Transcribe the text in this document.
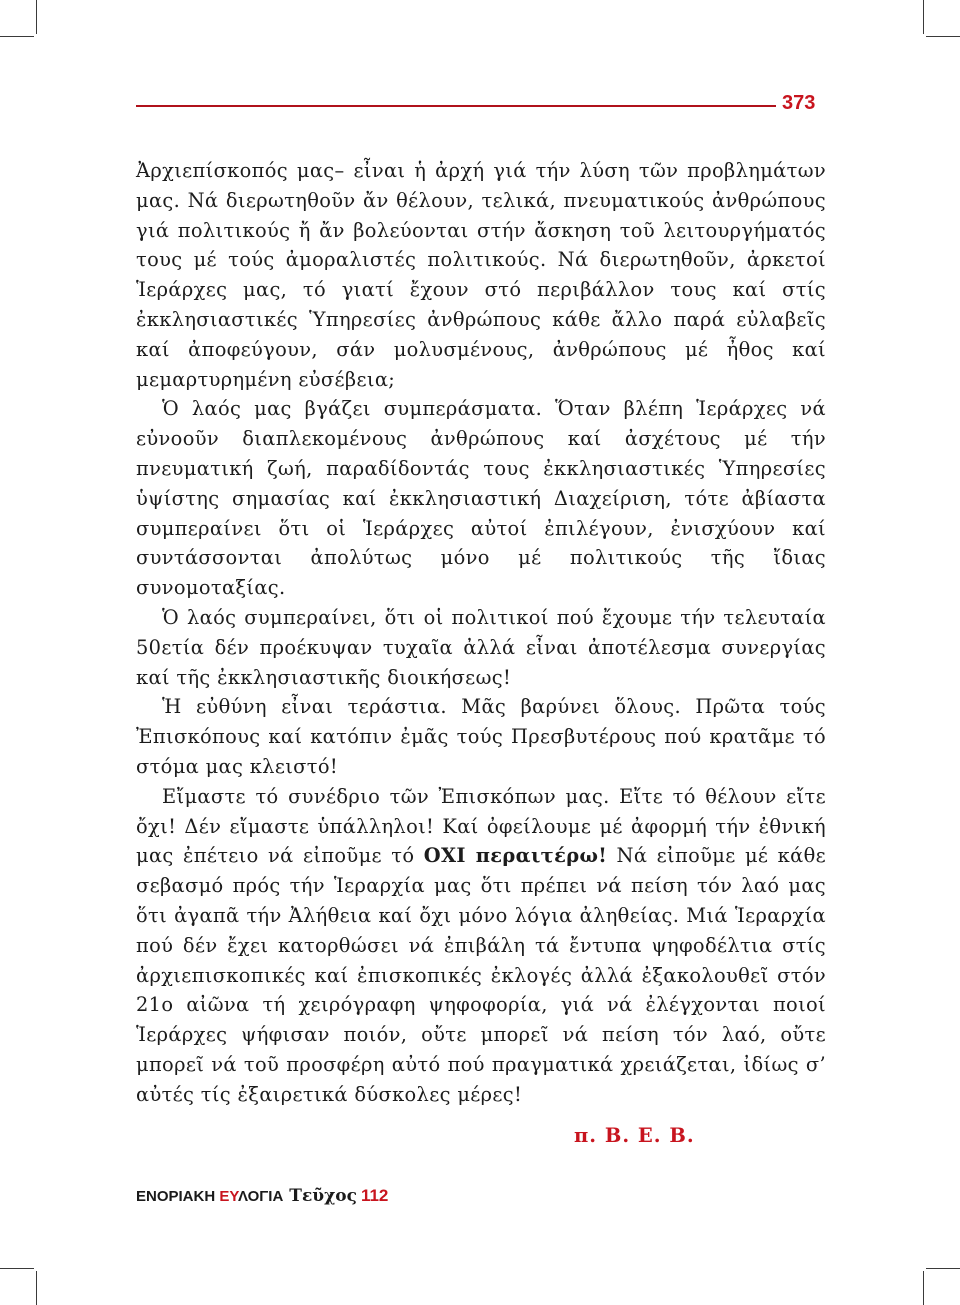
373

Ἀρχιεπίσκοπός μας– εἶναι ἡ ἀρχή γιά τήν λύση τῶν προβλημάτων μας. Νά διερωτηθοῦν ἄν θέλουν, τελικά, πνευματικούς ἀνθρώπους γιά πολιτικούς ἤ ἄν βολεύονται στήν ἄσκηση τοῦ λειτουργήματός τους μέ τούς ἀμοραλιστές πολιτικούς. Νά διερωτηθοῦν, ἀρκετοί Ἱεράρχες μας, τό γιατί ἔχουν στό περιβάλλον τους καί στίς ἐκκλησιαστικές Ὑπηρεσίες ἀνθρώπους κάθε ἄλλο παρά εὐλαβεῖς καί ἀποφεύγουν, σάν μολυσμένους, ἀνθρώπους μέ ἦθος καί μεμαρτυρημένη εὐσέβεια;

Ὁ λαός μας βγάζει συμπεράσματα. Ὅταν βλέπη Ἱεράρχες νά εὐνοοῦν διαπλεκομένους ἀνθρώπους καί ἀσχέτους μέ τήν πνευματική ζωή, παραδίδοντάς τους ἐκκλησιαστικές Ὑπηρεσίες ὑψίστης σημασίας καί ἐκκλησιαστική Διαχείριση, τότε ἀβίαστα συμπεραίνει ὅτι οἱ Ἱεράρχες αὐτοί ἐπιλέγουν, ἐνισχύουν καί συντάσσονται ἀπολύτως μόνο μέ πολιτικούς τῆς ἴδιας συνομοταξίας.

Ὁ λαός συμπεραίνει, ὅτι οἱ πολιτικοί πού ἔχουμε τήν τελευταία 50ετία δέν προέκυψαν τυχαῖα ἀλλά εἶναι ἀποτέλεσμα συνεργίας καί τῆς ἐκκλησιαστικῆς διοικήσεως!

Ἡ εὐθύνη εἶναι τεράστια. Μᾶς βαρύνει ὅλους. Πρῶτα τούς Ἐπισκόπους καί κατόπιν ἐμᾶς τούς Πρεσβυτέρους πού κρατᾶμε τό στόμα μας κλειστό!

Εἴμαστε τό συνέδριο τῶν Ἐπισκόπων μας. Εἴτε τό θέλουν εἴτε ὄχι! Δέν εἴμαστε ὑπάλληλοι! Καί ὀφείλουμε μέ ἀφορμή τήν ἐθνική μας ἐπέτειο νά εἰποῦμε τό ΟΧΙ περαιτέρω! Νά εἰποῦμε μέ κάθε σεβασμό πρός τήν Ἱεραρχία μας ὅτι πρέπει νά πείση τόν λαό μας ὅτι ἀγαπᾶ τήν Ἀλήθεια καί ὄχι μόνο λόγια ἀληθείας. Μιά Ἱεραρχία πού δέν ἔχει κατορθώσει νά ἐπιβάλη τά ἔντυπα ψηφοδέλτια στίς ἀρχιεπισκοπικές καί ἐπισκοπικές ἐκλογές ἀλλά ἐξακολουθεῖ στόν 21ο αἰῶνα τή χειρόγραφη ψηφοφορία, γιά νά ἐλέγχονται ποιοί Ἱεράρχες ψήφισαν ποιόν, οὔτε μπορεῖ νά πείση τόν λαό, οὔτε μπορεῖ νά τοῦ προσφέρη αὐτό πού πραγματικά χρειάζεται, ἰδίως σ’ αὐτές τίς ἐξαιρετικά δύσκολες μέρες!

π. Β. Ε. Β.
ΕΝΟΡΙΑΚΗ ΕΥΛΟΓΙΑ Τεῦχος 112
